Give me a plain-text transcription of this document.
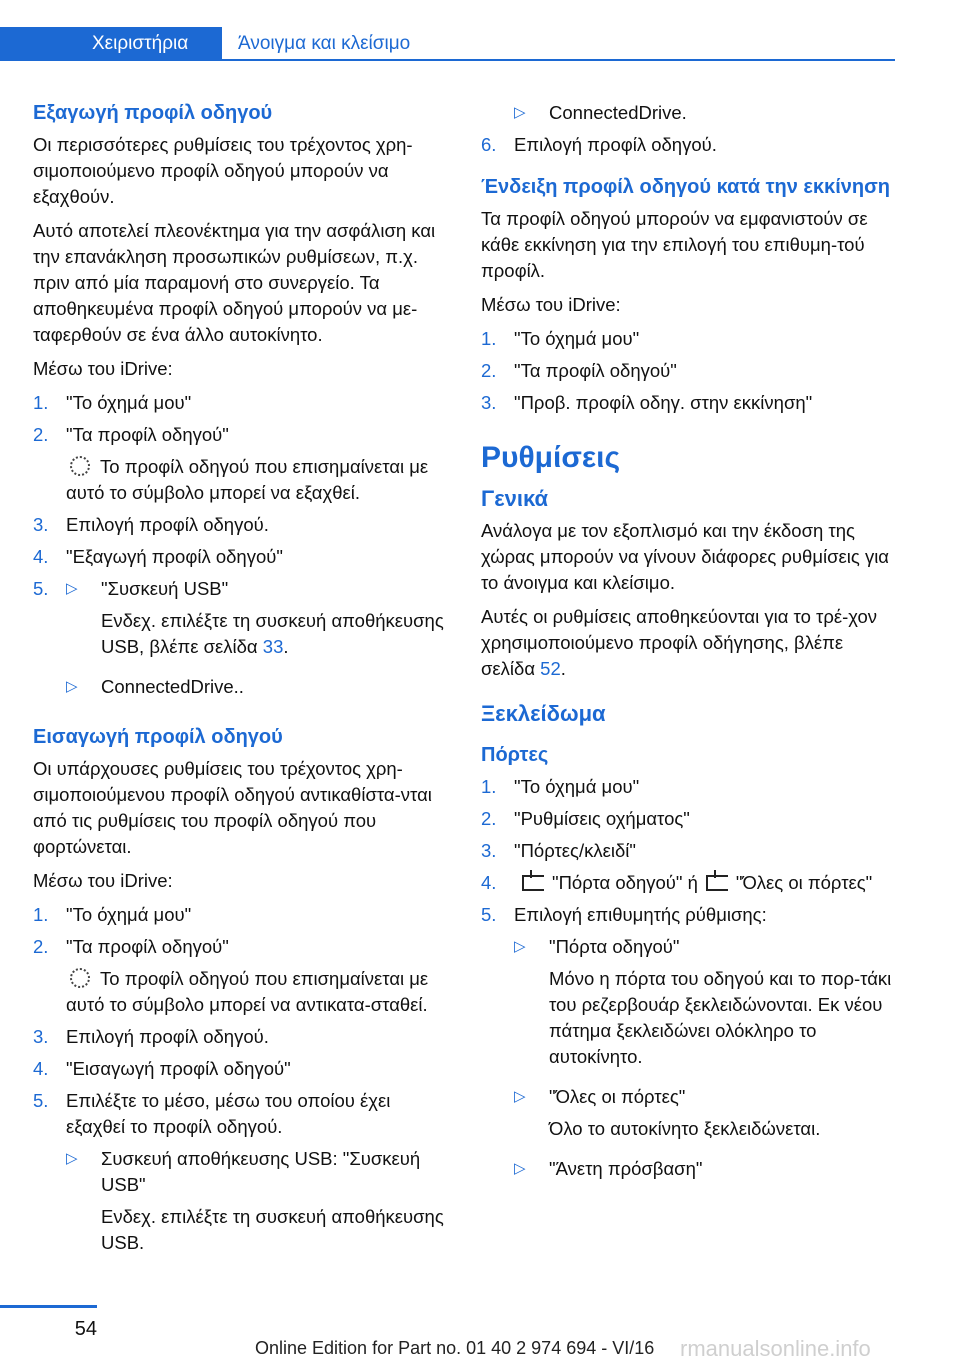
Χειριστήρια	Άνοιγμα και κλείσιμο
Εξαγωγή προφίλ οδηγού

Οι περισσότερες ρυθμίσεις του τρέχοντος χρη-σιμοποιούμενο προφίλ οδηγού μπορούν να εξαχθούν.

Αυτό αποτελεί πλεονέκτημα για την ασφάλιση και την επανάκληση προσωπικών ρυθμίσεων, π.χ. πριν από μία παραμονή στο συνεργείο. Τα αποθηκευμένα προφίλ οδηγού μπορούν να με-ταφερθούν σε ένα άλλο αυτοκίνητο.

Μέσω του iDrive:

1. "Το όχημά μου"
2. "Τα προφίλ οδηγού"
Το προφίλ οδηγού που επισημαίνεται με αυτό το σύμβολο μπορεί να εξαχθεί.
3. Επιλογή προφίλ οδηγού.
4. "Εξαγωγή προφίλ οδηγού"
5. ▷ "Συσκευή USB"
Ενδεχ. επιλέξτε τη συσκευή αποθήκευσης USB, βλέπε σελίδα 33.
▷ ConnectedDrive..
Εισαγωγή προφίλ οδηγού

Οι υπάρχουσες ρυθμίσεις του τρέχοντος χρη-σιμοποιούμενου προφίλ οδηγού αντικαθίστα-νται από τις ρυθμίσεις του προφίλ οδηγού που φορτώνεται.

Μέσω του iDrive:

1. "Το όχημά μου"
2. "Τα προφίλ οδηγού"
Το προφίλ οδηγού που επισημαίνεται με αυτό το σύμβολο μπορεί να αντικατα-σταθεί.
3. Επιλογή προφίλ οδηγού.
4. "Εισαγωγή προφίλ οδηγού"
5. Επιλέξτε το μέσο, μέσω του οποίου έχει εξαχθεί το προφίλ οδηγού.
▷ Συσκευή αποθήκευσης USB: "Συσκευή USB"
Ενδεχ. επιλέξτε τη συσκευή αποθήκευσης USB.
▷ ConnectedDrive.
6. Επιλογή προφίλ οδηγού.
Ένδειξη προφίλ οδηγού κατά την εκκίνηση

Τα προφίλ οδηγού μπορούν να εμφανιστούν σε κάθε εκκίνηση για την επιλογή του επιθυμη-τού προφίλ.

Μέσω του iDrive:

1. "Το όχημά μου"
2. "Τα προφίλ οδηγού"
3. "Προβ. προφίλ οδηγ. στην εκκίνηση"
Ρυθμίσεις
Γενικά

Ανάλογα με τον εξοπλισμό και την έκδοση της χώρας μπορούν να γίνουν διάφορες ρυθμίσεις για το άνοιγμα και κλείσιμο.

Αυτές οι ρυθμίσεις αποθηκεύονται για το τρέ-χον χρησιμοποιούμενο προφίλ οδήγησης, βλέπε σελίδα 52.

Ξεκλείδωμα
Πόρτες
1. "Το όχημά μου"
2. "Ρυθμίσεις οχήματος"
3. "Πόρτες/κλειδί"
4.	"Πόρτα οδηγού" ή "Όλες οι πόρτες"
5. Επιλογή επιθυμητής ρύθμισης:
▷ "Πόρτα οδηγού"
Μόνο η πόρτα του οδηγού και το πορ-τάκι του ρεζερβουάρ ξεκλειδώνονται. Εκ νέου πάτημα ξεκλειδώνει ολόκληρο το αυτοκίνητο.
▷ "Όλες οι πόρτες"
Όλο το αυτοκίνητο ξεκλειδώνεται.
▷ "Άνετη πρόσβαση"
54
Online Edition for Part no. 01 40 2 974 694 - VI/16 rmanualsonline.info
